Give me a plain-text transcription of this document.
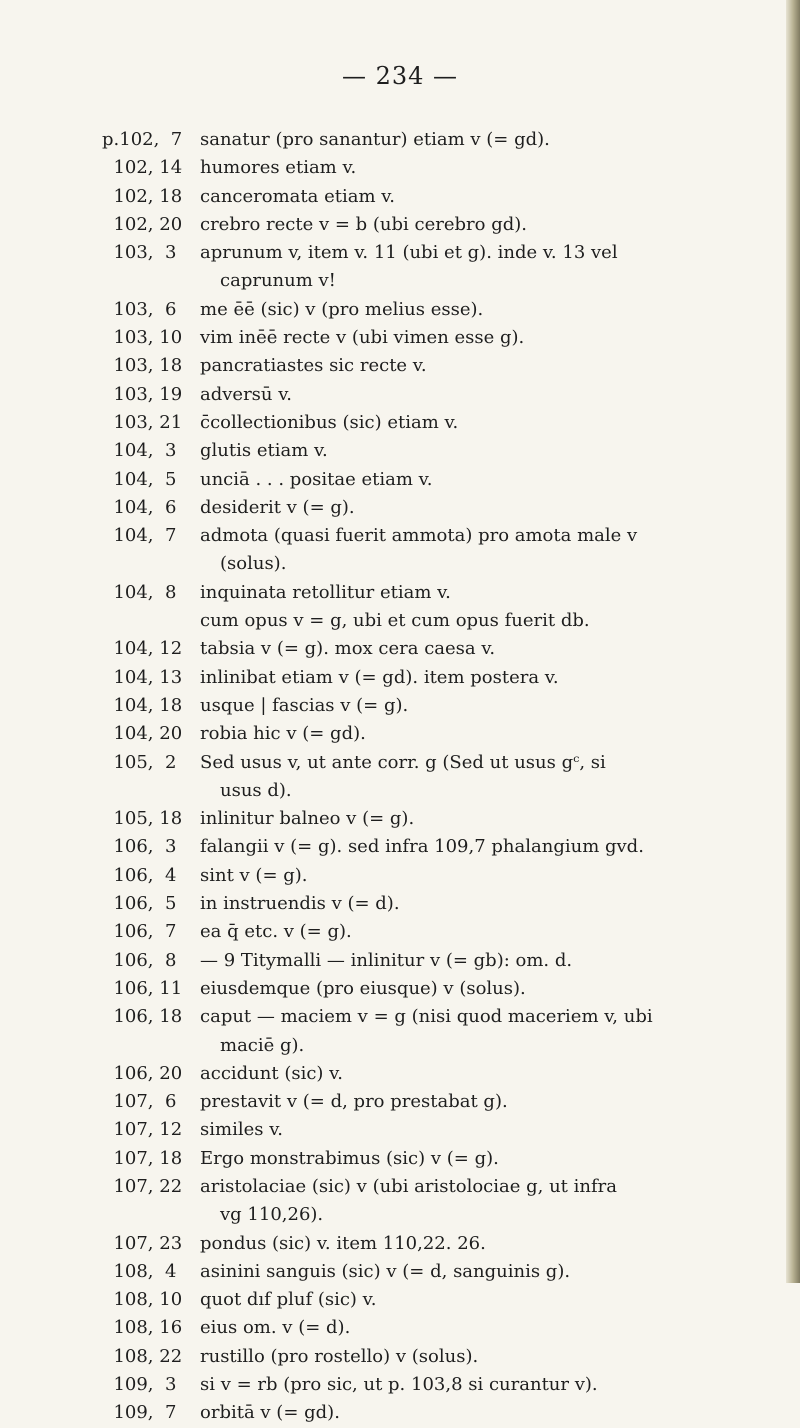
— 234 —
p.102,  7 sanatur (pro sanantur) etiam v (= gd).
102, 14 humores etiam v.
102, 18 canceromata etiam v.
102, 20 crebro recte v = b (ubi cerebro gd).
103,  3	aprunum v, item v. 11 (ubi et g). inde v. 13 vel
caprunum v!
103,  6	me ēē (sic) v (pro melius esse).
103, 10 vim inēē recte v (ubi vimen esse g).
103, 18 pancratiastes sic recte v.
103, 19 adversū v.
103, 21 c̄collectionibus (sic) etiam v.
104,  3	glutis etiam v.
104,  5	unciā . . . positae etiam v.
104,  6	desiderit v (= g).
104,  7	admota (quasi fuerit ammota) pro amota male v
(solus).
104,  8	inquinata retollitur etiam v.
cum opus v = g, ubi et cum opus fuerit db.
104, 12 tabsia v (= g). mox cera caesa v.
104, 13 inlinibat etiam v (= gd). item postera v.
104, 18 usque | fascias v (= g).
104, 20 robia hic v (= gd).
105,  2	Sed usus v, ut ante corr. g (Sed ut usus gᶜ, si
usus d).
105, 18 inlinitur balneo v (= g).
106,  3	falangii v (= g). sed infra 109,7 phalangium gvd.
106,  4	sint v (= g).
106,  5	in instruendis v (= d).
106,  7	ea q̄ etc. v (= g).
106,  8	— 9 Titymalli — inlinitur v (= gb): om. d.
106, 11 eiusdemque (pro eiusque) v (solus).
106, 18 caput — maciem v = g (nisi quod maceriem v, ubi
maciē g).
106, 20 accidunt (sic) v.
107,  6	prestavit v (= d, pro prestabat g).
107, 12 similes v.
107, 18 Ergo monstrabimus (sic) v (= g).
107, 22 aristolaciae (sic) v (ubi aristolociae g, ut infra
vg 110,26).
107, 23 pondus (sic) v. item 110,22. 26.
108,  4	asinini sanguis (sic) v (= d, sanguinis g).
108, 10 quot dıf pluf (sic) v.
108, 16 eius om. v (= d).
108, 22 rustillo (pro rostello) v (solus).
109,  3	si v = rb (pro sic, ut p. 103,8 si curantur v).
109,  7	orbitā v (= gd).
